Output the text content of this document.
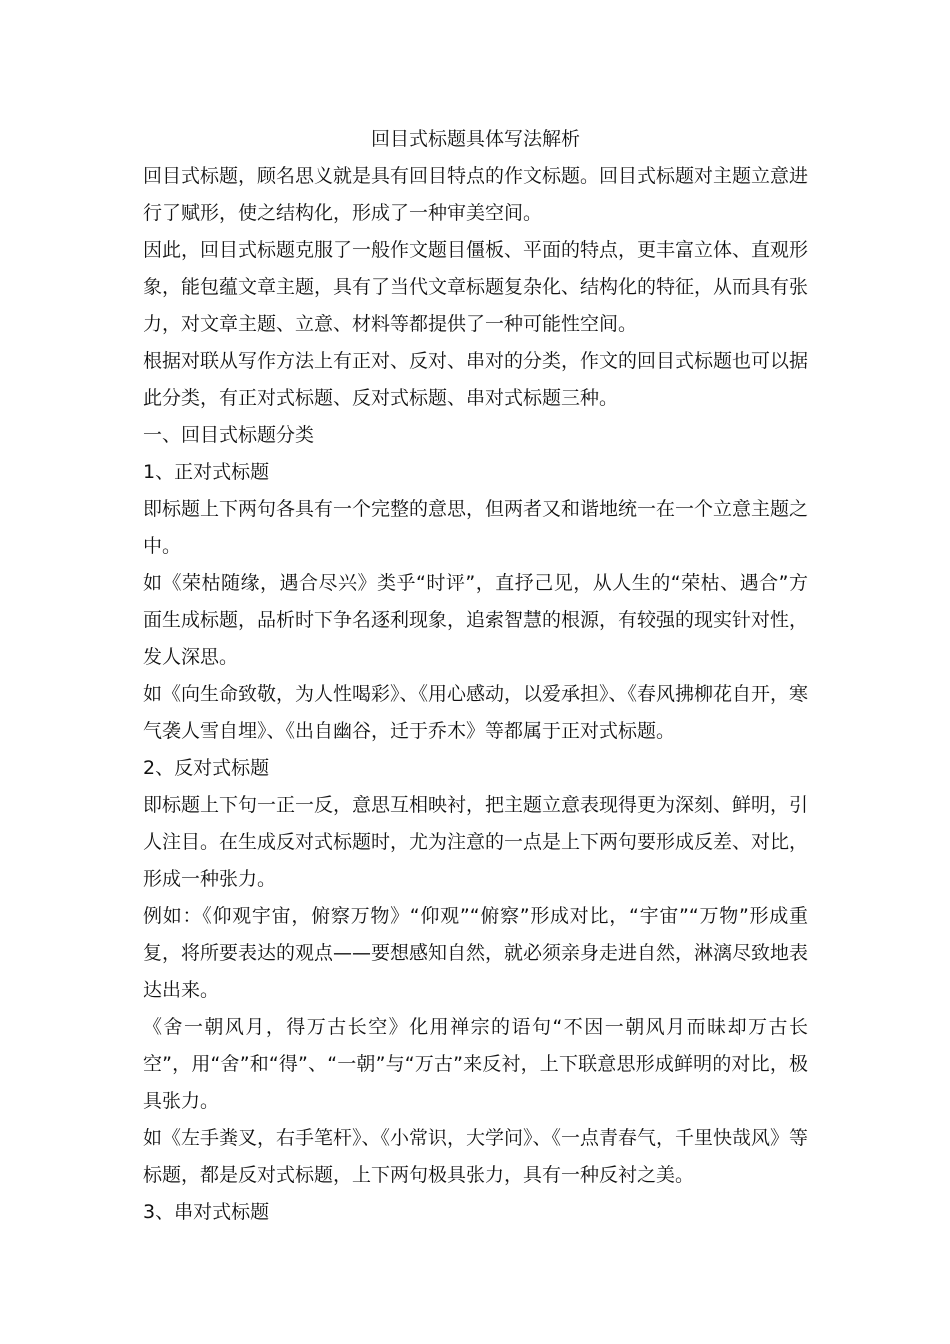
回目式标题具体写法解析

回目式标题，顾名思义就是具有回目特点的作文标题。回目式标题对主题立意进行了赋形，使之结构化，形成了一种审美空间。

因此，回目式标题克服了一般作文题目僵板、平面的特点，更丰富立体、直观形象，能包蕴文章主题，具有了当代文章标题复杂化、结构化的特征，从而具有张力，对文章主题、立意、材料等都提供了一种可能性空间。

根据对联从写作方法上有正对、反对、串对的分类，作文的回目式标题也可以据此分类，有正对式标题、反对式标题、串对式标题三种。

一、回目式标题分类

1、正对式标题

即标题上下两句各具有一个完整的意思，但两者又和谐地统一在一个立意主题之中。

如《荣枯随缘，遇合尽兴》类乎“时评”，直抒己见，从人生的“荣枯、遇合”方面生成标题，品析时下争名逐利现象，追索智慧的根源，有较强的现实针对性，发人深思。

如《向生命致敬，为人性喝彩》、《用心感动，以爱承担》、《春风拂柳花自开，寒气袭人雪自埋》、《出自幽谷，迁于乔木》等都属于正对式标题。

2、反对式标题

即标题上下句一正一反，意思互相映衬，把主题立意表现得更为深刻、鲜明，引人注目。在生成反对式标题时，尤为注意的一点是上下两句要形成反差、对比，形成一种张力。

例如：《仰观宇宙，俯察万物》“仰观”“俯察”形成对比，“宇宙”“万物”形成重复，将所要表达的观点——要想感知自然，就必须亲身走进自然，淋漓尽致地表达出来。

《舍一朝风月，得万古长空》化用禅宗的语句“不因一朝风月而昧却万古长空”，用“舍”和“得”、“一朝”与“万古”来反衬，上下联意思形成鲜明的对比，极具张力。

如《左手粪叉，右手笔杆》、《小常识，大学问》、《一点青春气，千里快哉风》等标题，都是反对式标题，上下两句极具张力，具有一种反衬之美。

3、串对式标题
